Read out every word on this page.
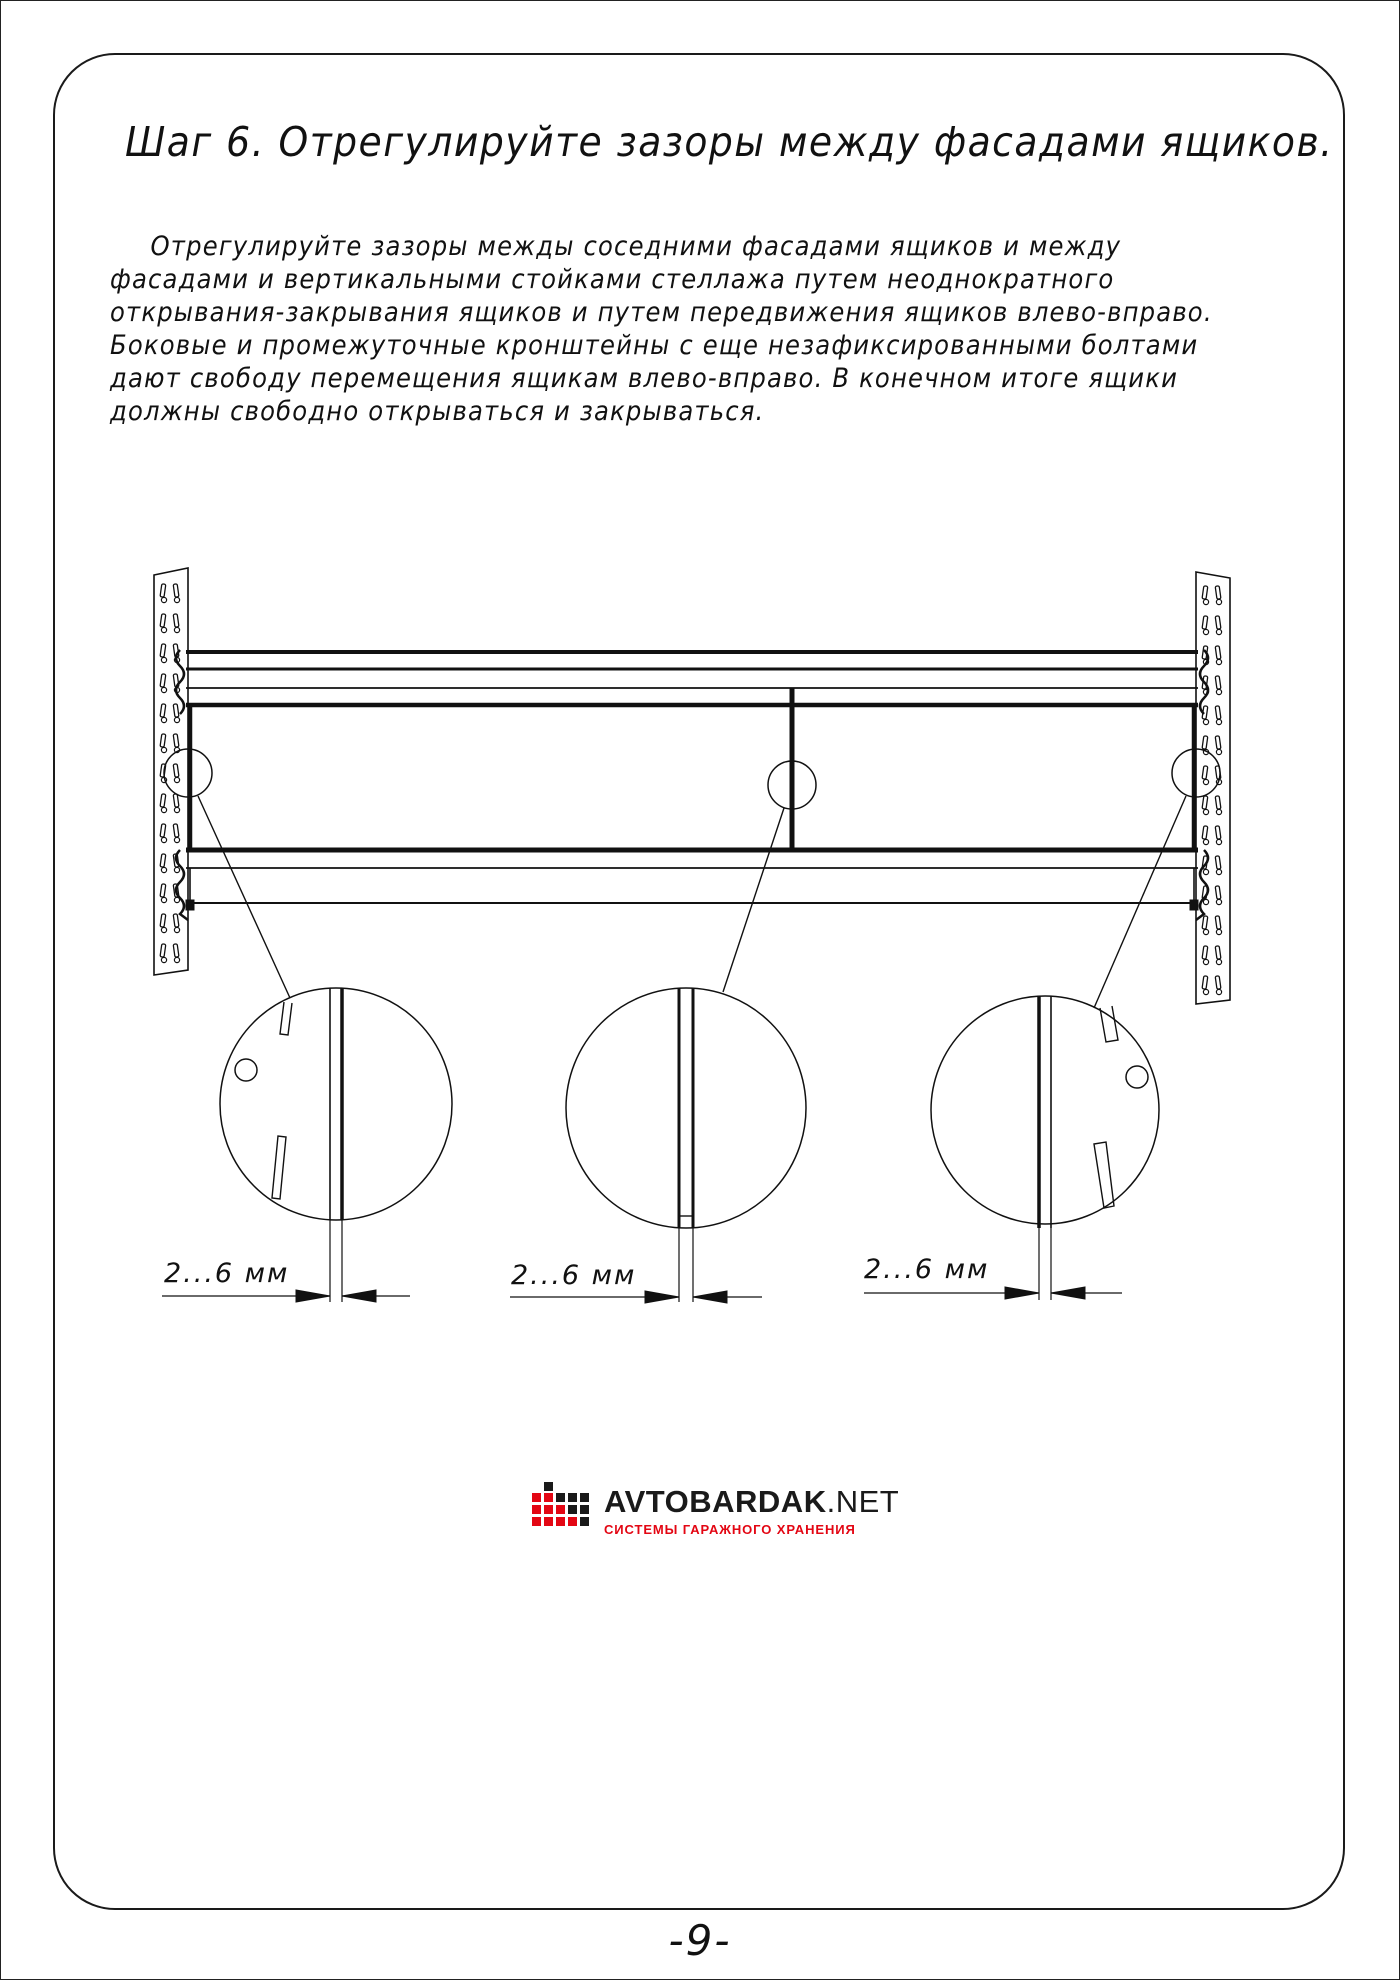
Шаг 6. Отрегулируйте зазоры между фасадами ящиков.
Отрегулируйте зазоры межды соседними фасадами ящиков и между
фасадами и вертикальными стойками стеллажа путем неоднократного
открывания-закрывания ящиков и путем передвижения ящиков влево-вправо.
Боковые и промежуточные кронштейны с еще незафиксированными болтами
дают свободу перемещения ящикам влево-вправо. В конечном итоге ящики
должны свободно открываться и закрываться.
2...6 мм	2...6 мм	2...6 мм
AVTOBARDAK.NET
СИСТЕМЫ ГАРАЖНОГО ХРАНЕНИЯ
-9-
